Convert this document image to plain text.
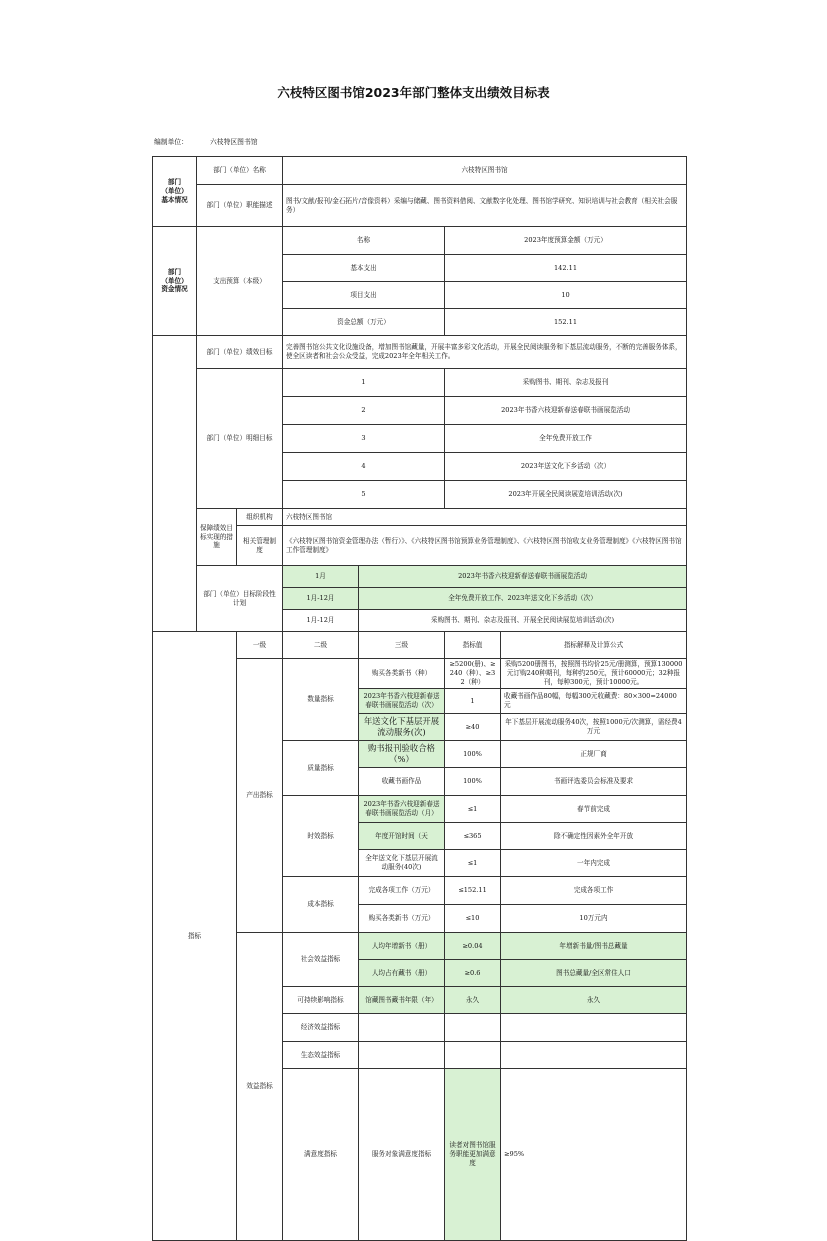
六枝特区图书馆2023年部门整体支出绩效目标表
编制单位：	六枝特区图书馆
部门
（单位）
基本情况	部门（单位）名称		六枝特区图书馆				
	部门（单位）职能描述		图书/文献/报刊/金石拓片/音像资料）采编与储藏、图书资料借阅、文献数字化处理、图书馆学研究、知识培训与社会教育（相关社会服务）				
部门
（单位）
资金情况	支出预算（本级）		名称		2023年度预算金额（万元）		
			基本支出		142.11		
			项目支出		10		
			资金总额（万元）		152.11		
	部门（单位）绩效目标		完善图书馆公共文化设施设备，增加图书馆藏量，开展丰富多彩文化活动，开展全民阅读服务和下基层流动服务，不断的完善服务体系，使全区读者和社会公众受益，完成2023年全年相关工作。				
	部门（单位）明细目标		1		采购图书、期刊、杂志及报刊		
			2		2023年书香六枝迎新春送春联书画展览活动		
			3		全年免费开放工作		
			4		2023年送文化下乡活动（次）		
			5		2023年开展全民阅读展览培训活动(次)		
	保障绩效目标实现的措施	组织机构	六枝特区图书馆				
		相关管理制度	《六枝特区图书馆资金管理办法（暂行）》、《六枝特区图书馆预算业务管理制度》、《六枝特区图书馆收支业务管理制度》《六枝特区图书馆工作管理制度》				
	部门（单位）目标阶段性计划		1月	2023年书香六枝迎新春送春联书画展览活动			
			1月-12月	全年免费开放工作、2023年送文化下乡活动（次）			
			1月-12月	采购图书、期刊、杂志及报刊、开展全民阅读展览培训活动(次)			
指标		一级	二级	三级	指标值	指标解释及计算公式	
		产出指标	数量指标	购买各类新书（种）	≥5200(册)、≥240（种）、≥32（种）	采购5200册图书，按照图书均价25元/册测算，预算130000元订购240种期刊，每种约250元，预计60000元；32种报刊，每种300元，预计10000元。	
				2023年书香六枝迎新春送春联书画展览活动（次）	1	收藏书画作品80幅，每幅300元收藏费：80×300=24000元	
				年送文化下基层开展流动服务(次)	≥40	年下基层开展流动服务40次，按照1000元/次测算，需经费4万元	
			质量指标	购书报刊验收合格（%）	100%	正规厂商	
				收藏书画作品	100%	书画评选委员会标准及要求	
			时效指标	2023年书香六枝迎新春送春联书画展览活动（月）	≤1	春节前完成	
				年度开馆时间（天	≤365	除不确定性因素外全年开放	
				全年送文化下基层开展流动服务(40次)	≤1	一年内完成	
			成本指标	完成各项工作（万元）	≤152.11	完成各项工作	
				购买各类新书（万元）	≤10	10万元内	
		效益指标	社会效益指标	人均年增新书（册）	≥0.04	年增新书量/图书总藏量	
				人均占有藏书（册）	≥0.6	图书总藏量/全区常住人口	
			可持续影响指标	馆藏图书藏书年限（年）	永久	永久	
			经济效益指标				
			生态效益指标				
			满意度指标	服务对象满意度指标	读者对图书馆服务职能更加满意度	≥95%	
